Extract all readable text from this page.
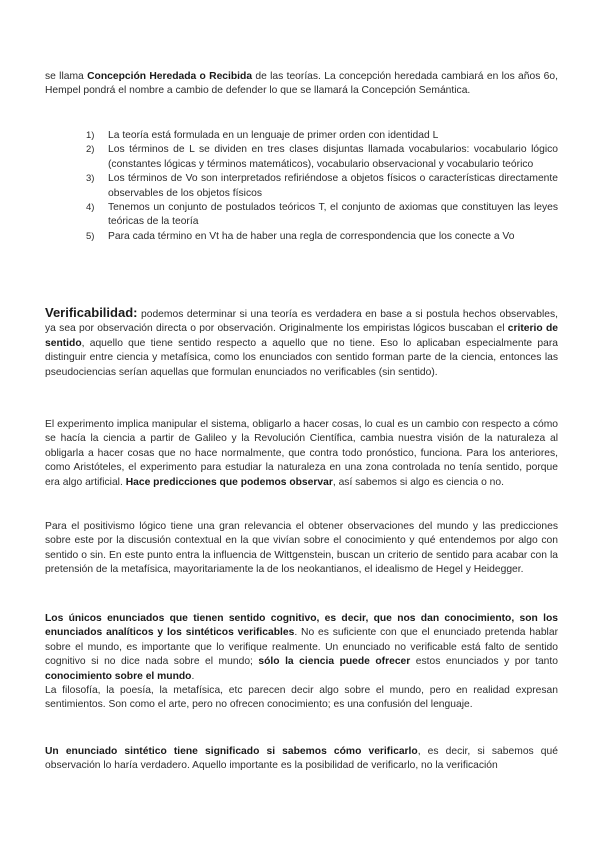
se llama Concepción Heredada o Recibida de las teorías. La concepción heredada cambiará en los años 6o, Hempel pondrá el nombre a cambio de defender lo que se llamará la Concepción Semántica.

1) La teoría está formulada en un lenguaje de primer orden con identidad L
2) Los términos de L se dividen en tres clases disjuntas llamada vocabularios: vocabulario lógico (constantes lógicas y términos matemáticos), vocabulario observacional y vocabulario teórico
3) Los términos de Vo son interpretados refiriéndose a objetos físicos o características directamente observables de los objetos físicos
4) Tenemos un conjunto de postulados teóricos T, el conjunto de axiomas que constituyen las leyes teóricas de la teoría
5) Para cada término en Vt ha de haber una regla de correspondencia que los conecte a Vo

Verificabilidad: podemos determinar si una teoría es verdadera en base a si postula hechos observables, ya sea por observación directa o por observación. Originalmente los empiristas lógicos buscaban el criterio de sentido, aquello que tiene sentido respecto a aquello que no tiene. Eso lo aplicaban especialmente para distinguir entre ciencia y metafísica, como los enunciados con sentido forman parte de la ciencia, entonces las pseudociencias serían aquellas que formulan enunciados no verificables (sin sentido).

El experimento implica manipular el sistema, obligarlo a hacer cosas, lo cual es un cambio con respecto a cómo se hacía la ciencia a partir de Galileo y la Revolución Científica, cambia nuestra visión de la naturaleza al obligarla a hacer cosas que no hace normalmente, que contra todo pronóstico, funciona. Para los anteriores, como Aristóteles, el experimento para estudiar la naturaleza en una zona controlada no tenía sentido, porque era algo artificial. Hace predicciones que podemos observar, así sabemos si algo es ciencia o no.

Para el positivismo lógico tiene una gran relevancia el obtener observaciones del mundo y las predicciones sobre este por la discusión contextual en la que vivían sobre el conocimiento y qué entendemos por algo con sentido o sin. En este punto entra la influencia de Wittgenstein, buscan un criterio de sentido para acabar con la pretensión de la metafísica, mayoritariamente la de los neokantianos, el idealismo de Hegel y Heidegger.

Los únicos enunciados que tienen sentido cognitivo, es decir, que nos dan conocimiento, son los enunciados analíticos y los sintéticos verificables. No es suficiente con que el enunciado pretenda hablar sobre el mundo, es importante que lo verifique realmente. Un enunciado no verificable está falto de sentido cognitivo si no dice nada sobre el mundo; sólo la ciencia puede ofrecer estos enunciados y por tanto conocimiento sobre el mundo.

La filosofía, la poesía, la metafísica, etc parecen decir algo sobre el mundo, pero en realidad expresan sentimientos. Son como el arte, pero no ofrecen conocimiento; es una confusión del lenguaje.

Un enunciado sintético tiene significado si sabemos cómo verificarlo, es decir, si sabemos qué observación lo haría verdadero. Aquello importante es la posibilidad de verificarlo, no la verificación
